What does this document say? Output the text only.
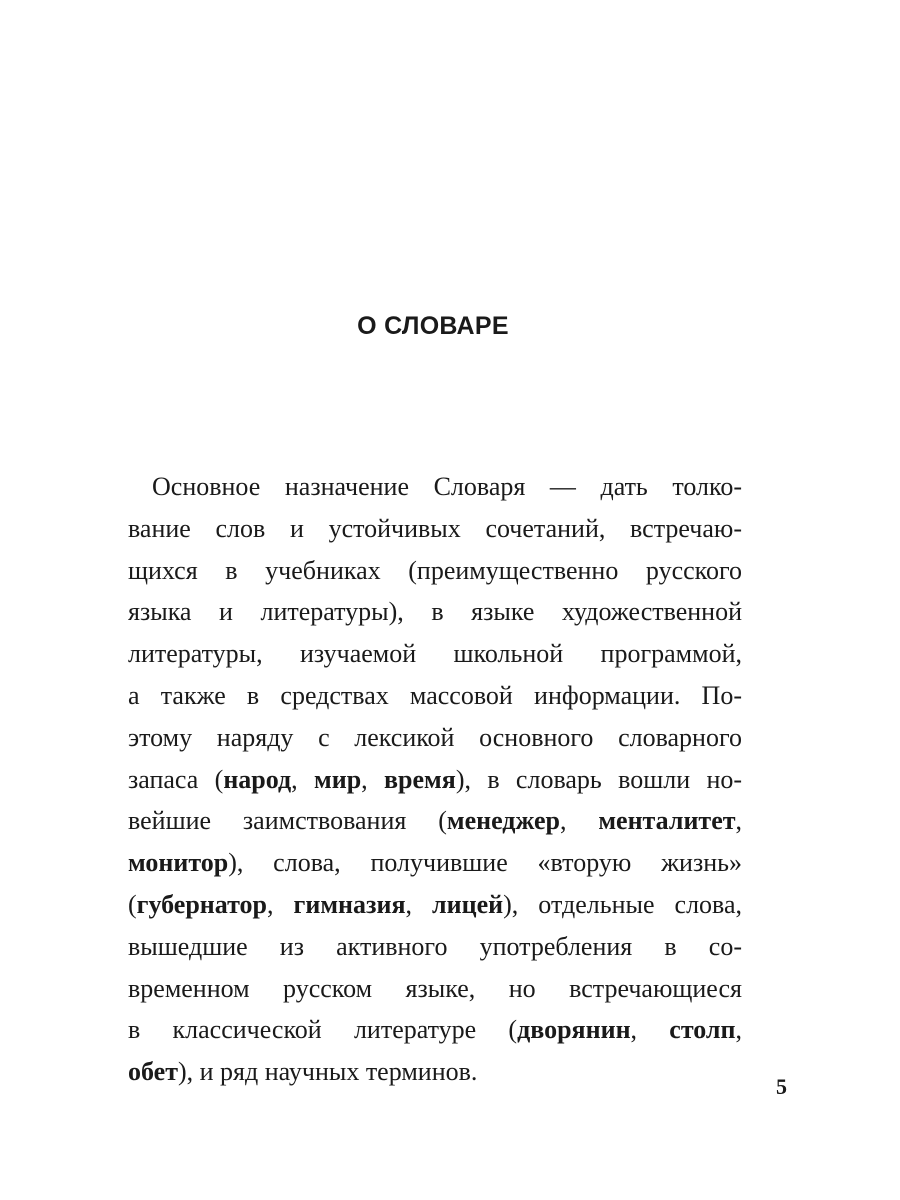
О СЛОВАРЕ
Основное назначение Словаря — дать толко-
вание слов и устойчивых сочетаний, встречаю-
щихся в учебниках (преимущественно русского
языка и литературы), в языке художественной
литературы, изучаемой школьной программой,
а также в средствах массовой информации. По-
этому наряду с лексикой основного словарного
запаса (народ, мир, время), в словарь вошли но-
вейшие заимствования (менеджер, менталитет,
монитор), слова, получившие «вторую жизнь»
(губернатор, гимназия, лицей), отдельные слова,
вышедшие из активного употребления в со-
временном русском языке, но встречающиеся
в классической литературе (дворянин, столп,
обет), и ряд научных терминов.
5
